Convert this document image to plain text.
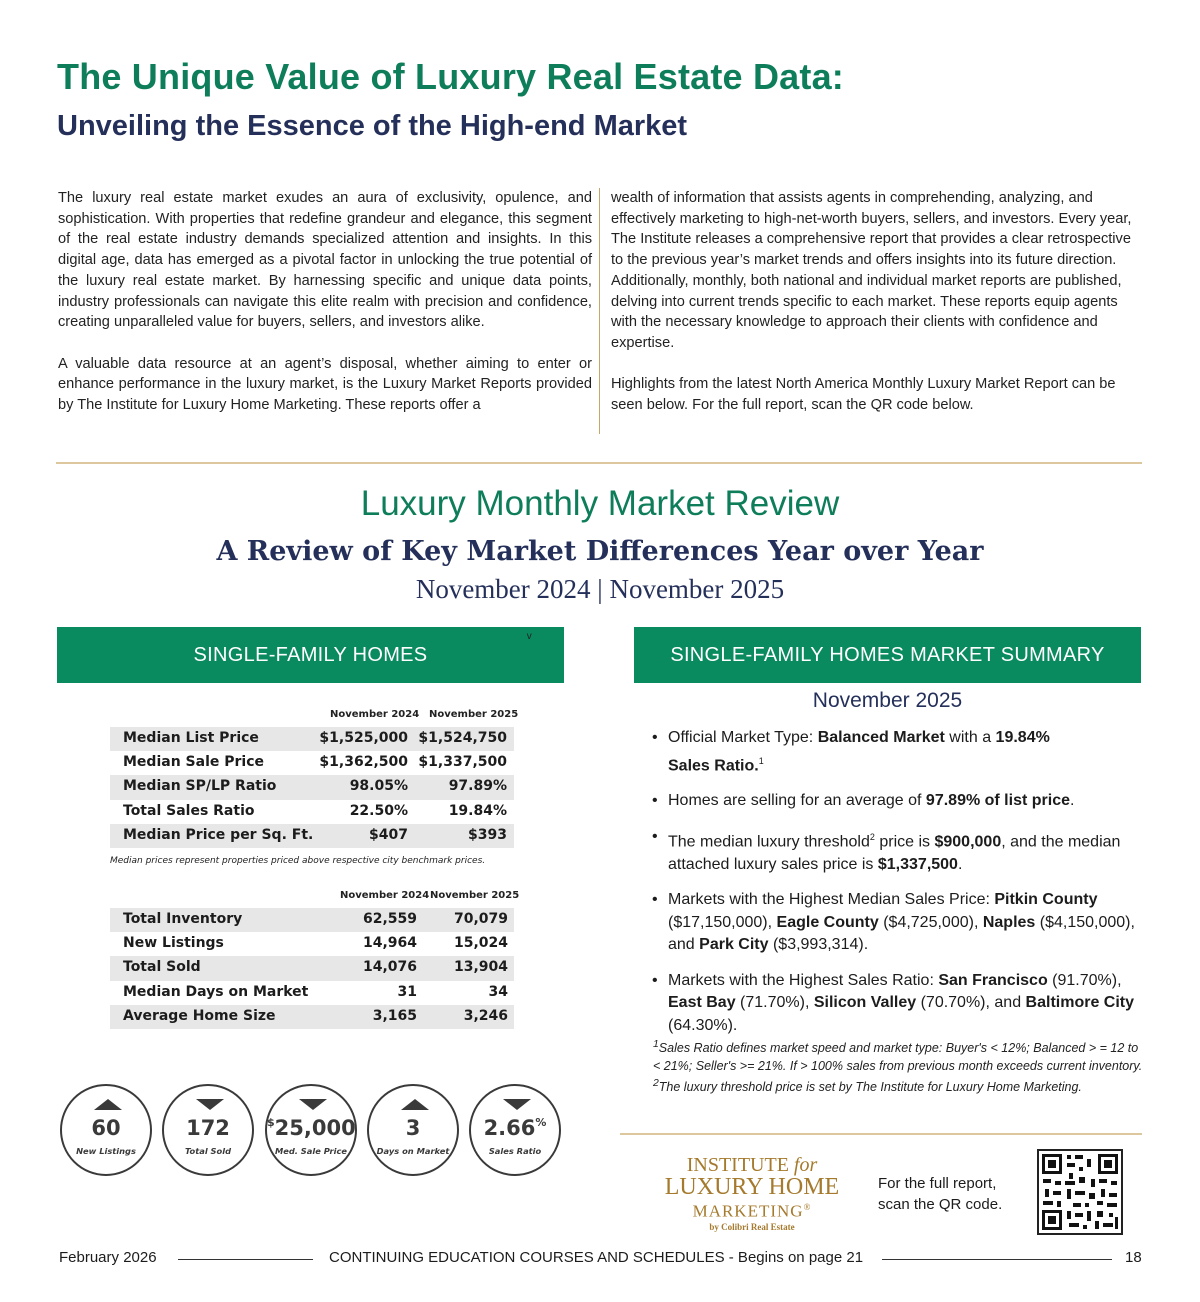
The Unique Value of Luxury Real Estate Data:
Unveiling the Essence of the High-end Market

The luxury real estate market exudes an aura of exclusivity, opulence, and sophistication. With properties that redefine grandeur and elegance, this segment of the real estate industry demands specialized attention and insights. In this digital age, data has emerged as a pivotal factor in unlocking the true potential of the luxury real estate market. By harnessing specific and unique data points, industry professionals can navigate this elite realm with precision and confidence, creating unparalleled value for buyers, sellers, and investors alike.

A valuable data resource at an agent’s disposal, whether aiming to enter or enhance performance in the luxury market, is the Luxury Market Reports provided by The Institute for Luxury Home Marketing. These reports offer a

wealth of information that assists agents in comprehending, analyzing, and effectively marketing to high-net-worth buyers, sellers, and investors. Every year, The Institute releases a comprehensive report that provides a clear retrospective to the previous year’s market trends and offers insights into its future direction. Additionally, monthly, both national and individual market reports are published, delving into current trends specific to each market. These reports equip agents with the necessary knowledge to approach their clients with confidence and expertise.

Highlights from the latest North America Monthly Luxury Market Report can be seen below. For the full report, scan the QR code below.

Luxury Monthly Market Review
A Review of Key Market Differences Year over Year
November 2024 | November 2025
SINGLE-FAMILY HOMES
v
November 2024 November 2025
Median List Price	$1,525,000 $1,524,750
Median Sale Price	$1,362,500 $1,337,500
Median SP/LP Ratio	98.05%	97.89%
Total Sales Ratio	22.50%	19.84%
Median Price per Sq. Ft.	$407	$393
Median prices represent properties priced above respective city benchmark prices.
November 2024 November 2025
Total Inventory	62,559	70,079
New Listings	14,964	15,024
Total Sold	14,076	13,904
Median Days on Market	31	34
Average Home Size	3,165	3,246
60
New Listings
172
Total Sold
$25,000
Med. Sale Price
3
Days on Market
2.66%
Sales Ratio
SINGLE-FAMILY HOMES MARKET SUMMARY
November 2025
• Official Market Type: Balanced Market with a 19.84%
Sales Ratio.$^1$
• Homes are selling for an average of 97.89% of list price.
• The median luxury threshold$^2$ price is $900,000, and the median attached luxury sales price is $1,337,500.
• Markets with the Highest Median Sales Price: Pitkin County ($17,150,000), Eagle County ($4,725,000), Naples ($4,150,000), and Park City ($3,993,314).
• Markets with the Highest Sales Ratio: San Francisco (91.70%), East Bay (71.70%), Silicon Valley (70.70%), and Baltimore City (64.30%).
$^1$Sales Ratio defines market speed and market type: Buyer's < 12%; Balanced > = 12 to < 21%; Seller's >= 21%. If > 100% sales from previous month exceeds current inventory. $^2$The luxury threshold price is set by The Institute for Luxury Home Marketing.
INSTITUTE for
LUXURY HOME
MARKETING®
by Colibri Real Estate
For the full report,
scan the QR code.
February 2026	CONTINUING EDUCATION COURSES AND SCHEDULES - Begins on page 21	18
